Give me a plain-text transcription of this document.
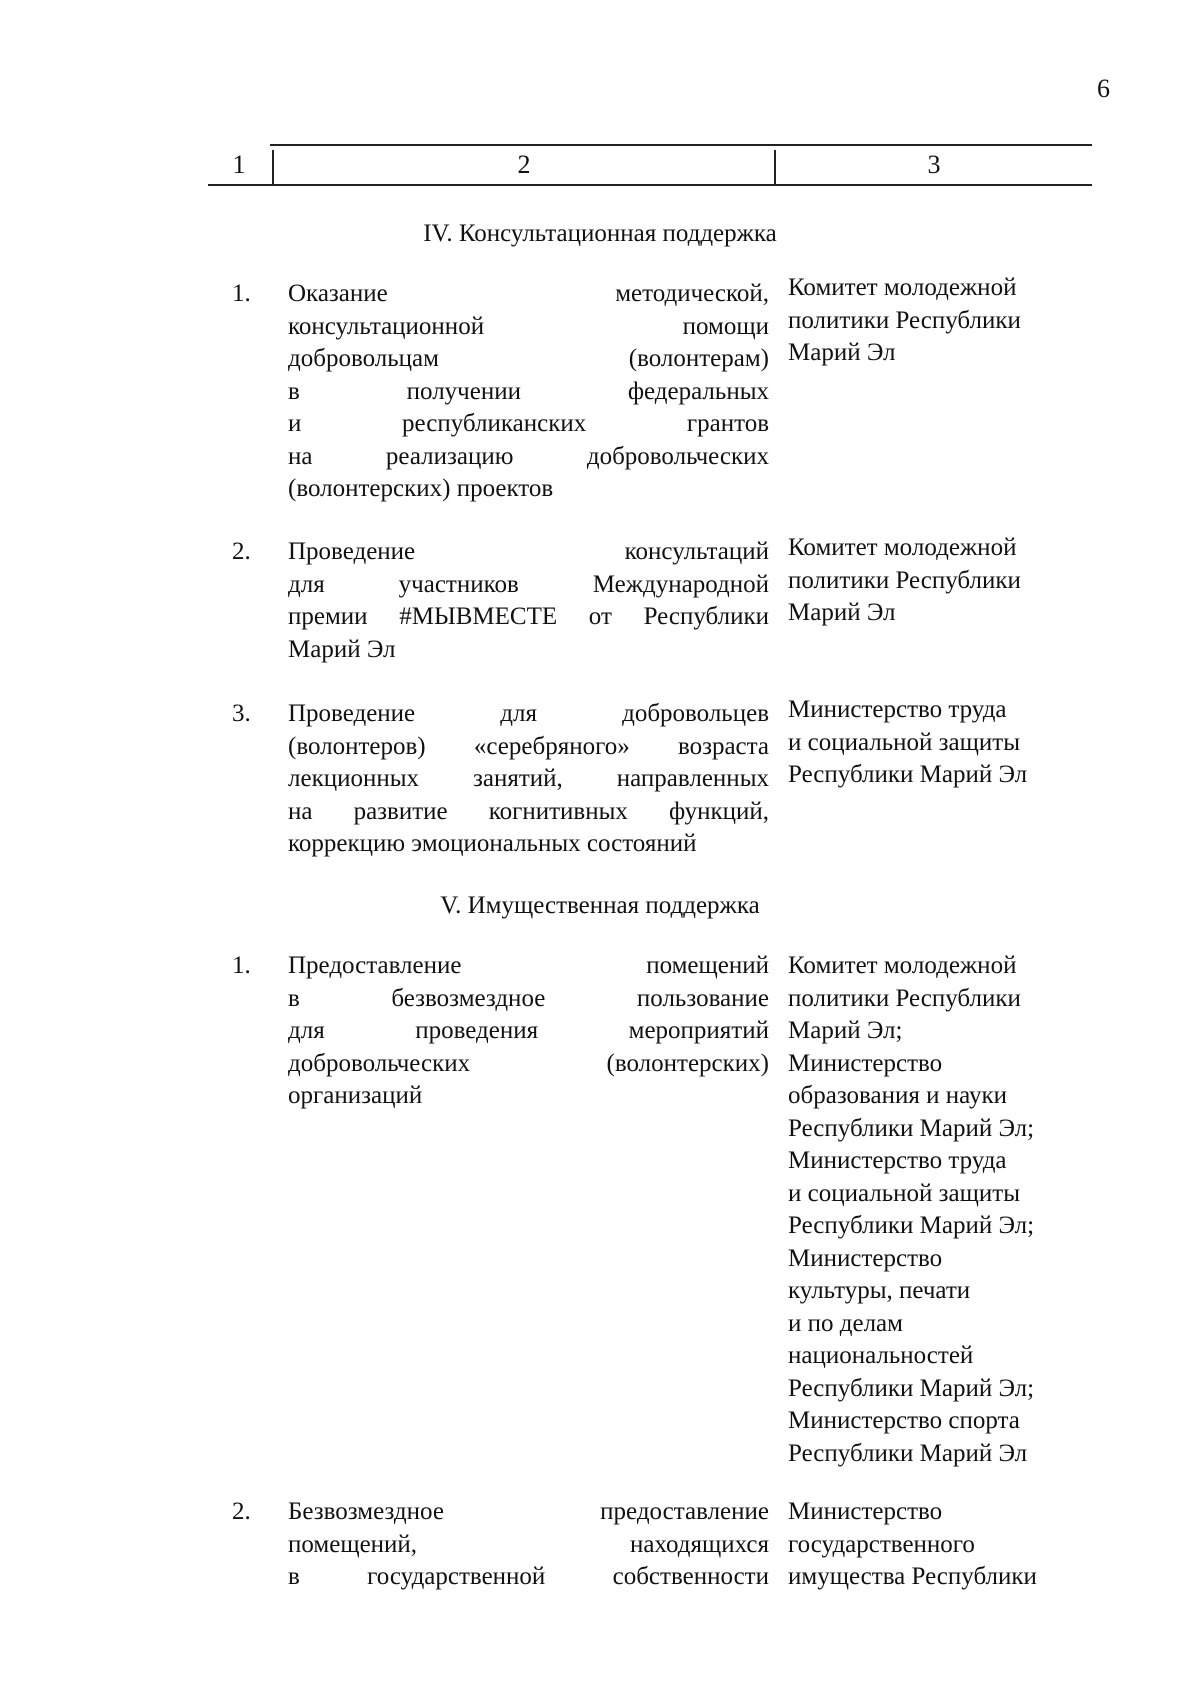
6
1	2	3
IV. Консультационная поддержка
1. Оказание методической,
консультационной помощи
добровольцам (волонтерам)
в получении федеральных
и республиканских грантов
на реализацию добровольческих
(волонтерских) проектов
Комитет молодежной
политики Республики
Марий Эл
2. Проведение консультаций
для участников Международной
премии #МЫВМЕСТЕ от Республики
Марий Эл
Комитет молодежной
политики Республики
Марий Эл
3. Проведение для добровольцев
(волонтеров) «серебряного» возраста
лекционных занятий, направленных
на развитие когнитивных функций,
коррекцию эмоциональных состояний
Министерство труда
и социальной защиты
Республики Марий Эл
V. Имущественная поддержка
1. Предоставление помещений
в безвозмездное пользование
для проведения мероприятий
добровольческих (волонтерских)
организаций
Комитет молодежной
политики Республики
Марий Эл;
Министерство
образования и науки
Республики Марий Эл;
Министерство труда
и социальной защиты
Республики Марий Эл;
Министерство
культуры, печати
и по делам
национальностей
Республики Марий Эл;
Министерство спорта
Республики Марий Эл
2. Безвозмездное предоставление
помещений, находящихся
в государственной собственности
Министерство
государственного
имущества Республики
